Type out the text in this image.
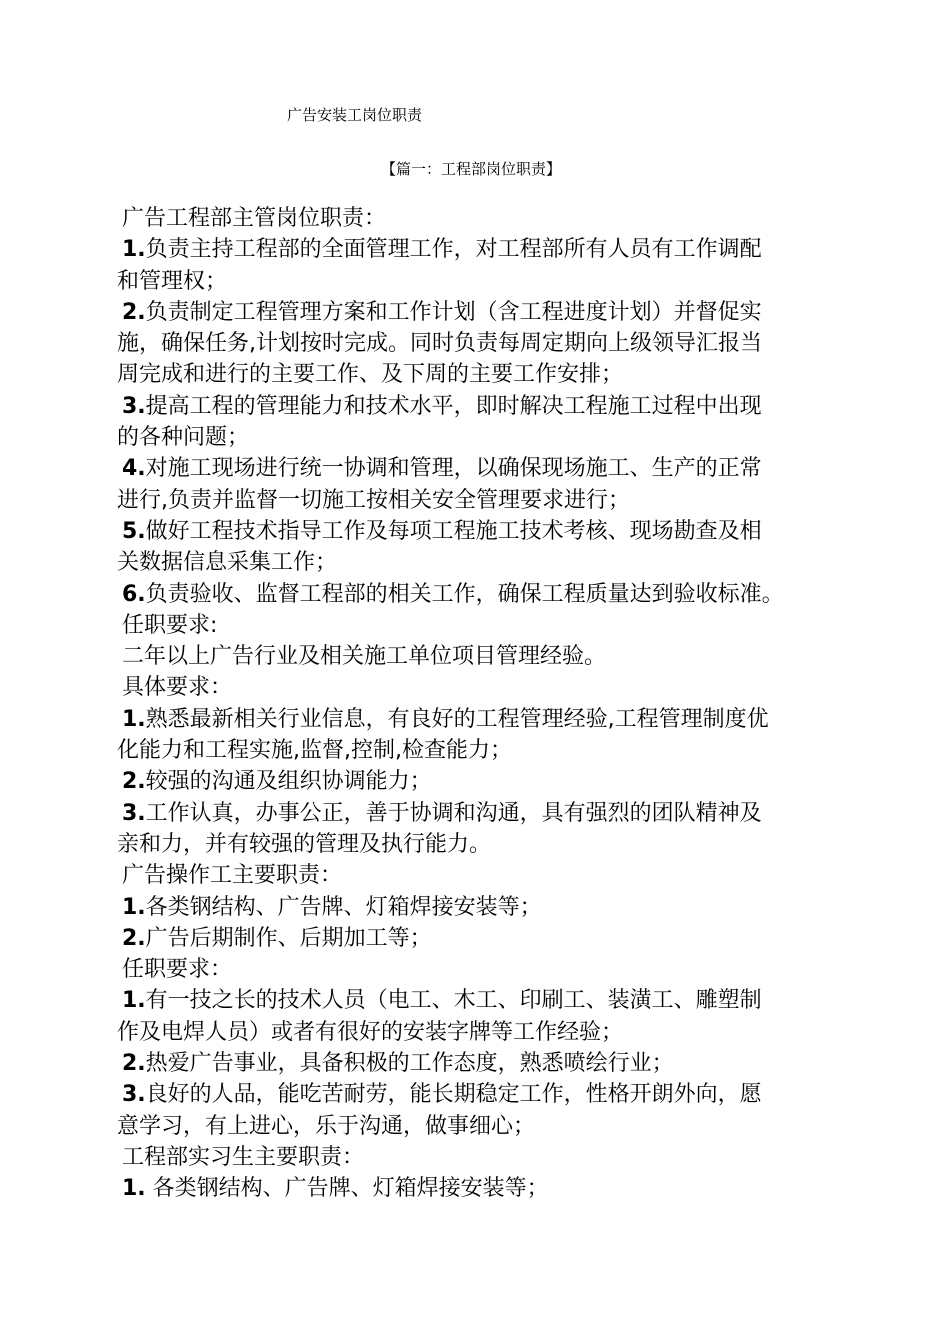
广告安装工岗位职责
【篇一：工程部岗位职责】
广告工程部主管岗位职责：
1.负责主持工程部的全面管理工作，对工程部所有人员有工作调配
和管理权；
2.负责制定工程管理方案和工作计划（含工程进度计划）并督促实
施，确保任务,计划按时完成。同时负责每周定期向上级领导汇报当
周完成和进行的主要工作、及下周的主要工作安排；
3.提高工程的管理能力和技术水平，即时解决工程施工过程中出现
的各种问题；
4.对施工现场进行统一协调和管理，以确保现场施工、生产的正常
进行,负责并监督一切施工按相关安全管理要求进行；
5.做好工程技术指导工作及每项工程施工技术考核、现场勘查及相
关数据信息采集工作；
6.负责验收、监督工程部的相关工作，确保工程质量达到验收标准。
任职要求:
二年以上广告行业及相关施工单位项目管理经验。
具体要求：
1.熟悉最新相关行业信息，有良好的工程管理经验,工程管理制度优
化能力和工程实施,监督,控制,检查能力；
2.较强的沟通及组织协调能力；
3.工作认真，办事公正，善于协调和沟通，具有强烈的团队精神及
亲和力，并有较强的管理及执行能力。
广告操作工主要职责：
1.各类钢结构、广告牌、灯箱焊接安装等；
2.广告后期制作、后期加工等；
任职要求：
1.有一技之长的技术人员（电工、木工、印刷工、装潢工、雕塑制
作及电焊人员）或者有很好的安装字牌等工作经验；
2.热爱广告事业，具备积极的工作态度，熟悉喷绘行业；
3.良好的人品，能吃苦耐劳，能长期稳定工作，性格开朗外向，愿
意学习，有上进心，乐于沟通，做事细心；
工程部实习生主要职责：
1. 各类钢结构、广告牌、灯箱焊接安装等；
